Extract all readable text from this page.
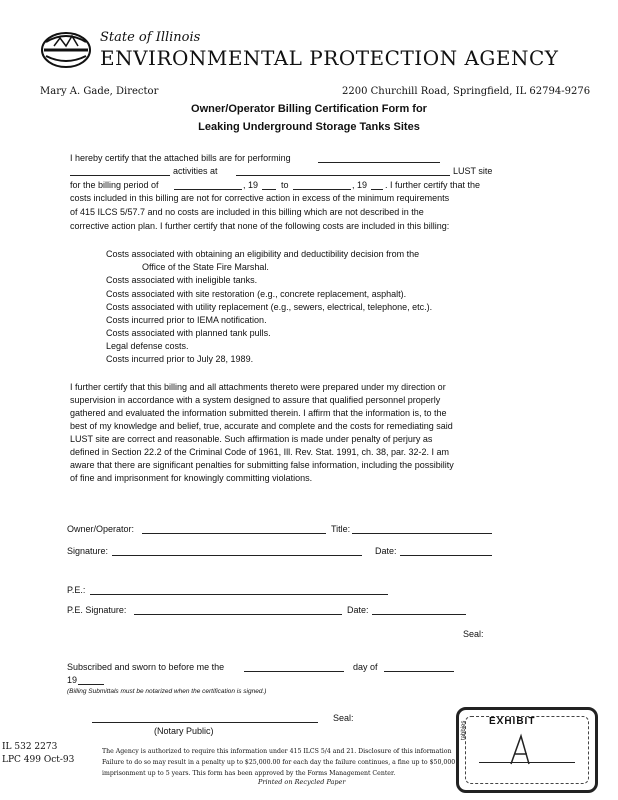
State of Illinois
ENVIRONMENTAL PROTECTION AGENCY
Mary A. Gade, Director	2200 Churchill Road, Springfield, IL 62794-9276
Owner/Operator Billing Certification Form for
Leaking Underground Storage Tanks Sites
I hereby certify that the attached bills are for performing
activities at	LUST site
for the billing period of	, 19	to	, 19 . I further certify that the
costs included in this billing are not for corrective action in excess of the minimum requirements
of 415 ILCS 5/57.7 and no costs are included in this billing which are not described in the
corrective action plan. I further certify that none of the following costs are included in this billing:
Costs associated with obtaining an eligibility and deductibility decision from the
Office of the State Fire Marshal.
Costs associated with ineligible tanks.
Costs associated with site restoration (e.g., concrete replacement, asphalt).
Costs associated with utility replacement (e.g., sewers, electrical, telephone, etc.).
Costs incurred prior to IEMA notification.
Costs associated with planned tank pulls.
Legal defense costs.
Costs incurred prior to July 28, 1989.
I further certify that this billing and all attachments thereto were prepared under my direction or
supervision in accordance with a system designed to assure that qualified personnel properly
gathered and evaluated the information submitted therein. I affirm that the information is, to the
best of my knowledge and belief, true, accurate and complete and the costs for remediating said
LUST site are correct and reasonable. Such affirmation is made under penalty of perjury as
defined in Section 22.2 of the Criminal Code of 1961, Ill. Rev. Stat. 1991, ch. 38, par. 32-2. I am
aware that there are significant penalties for submitting false information, including the possibility
of fine and imprisonment for knowingly committing violations.
Owner/Operator:	Title:
Signature:	Date:
P.E.:
P.E. Signature:	Date:
Seal:
Subscribed and sworn to before me the	day of
19
(Billing Submittals must be notarized when the certification is signed.)
Seal:
(Notary Public)
EXHIBIT
tabbies
IL 532 2273
LPC 499 Oct-93
The Agency is authorized to require this information under 415 ILCS 5/4 and 21. Disclosure of this information
Failure to do so may result in a penalty up to $25,000.00 for each day the failure continues, a fine up to $50,000
imprisonment up to 5 years. This form has been approved by the Forms Management Center.
Printed on Recycled Paper
